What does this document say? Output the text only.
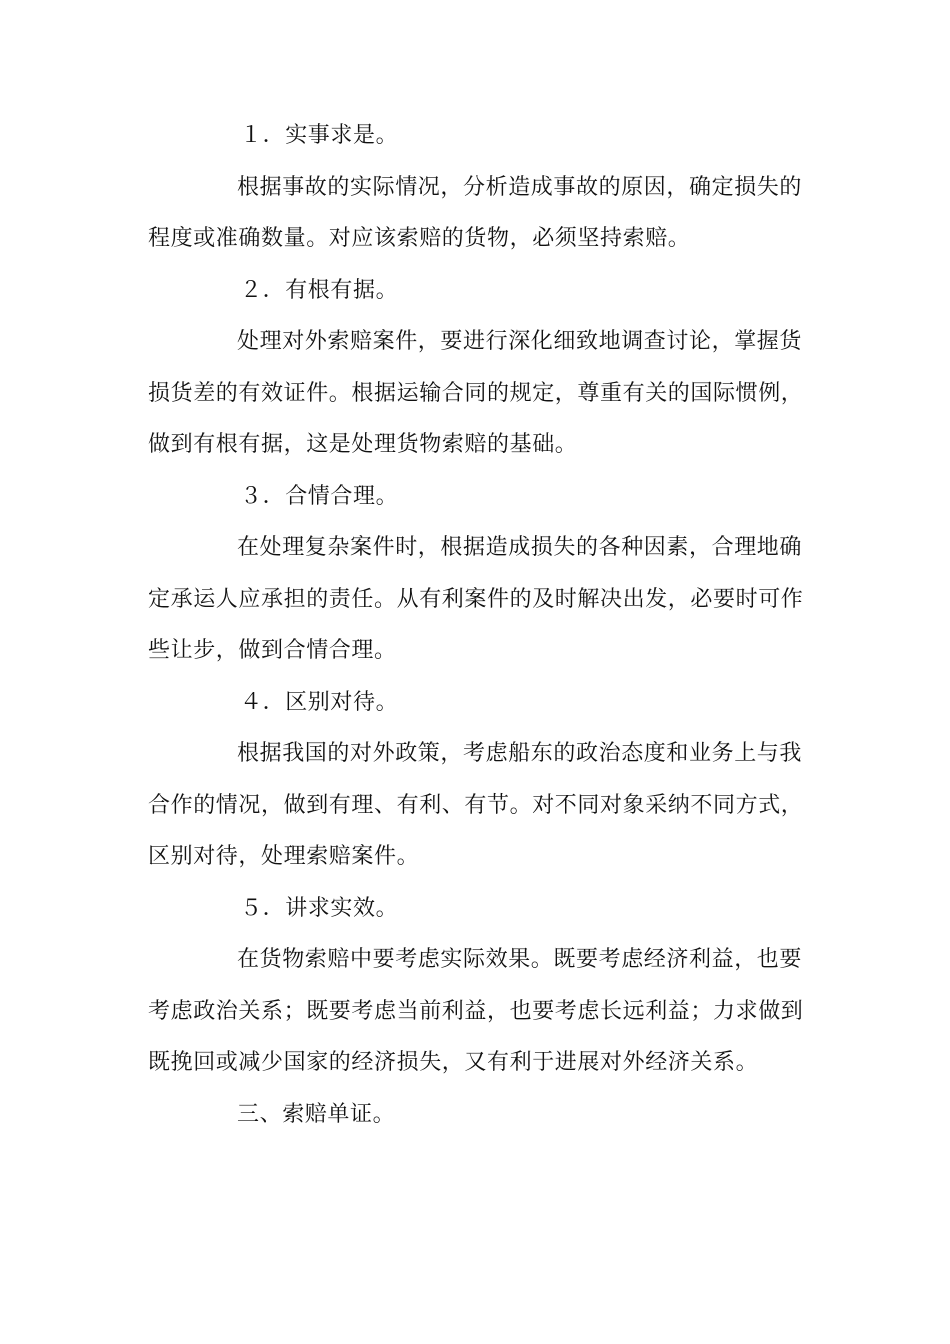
１．实事求是。
根据事故的实际情况，分析造成事故的原因，确定损失的
程度或准确数量。对应该索赔的货物，必须坚持索赔。
２．有根有据。
处理对外索赔案件，要进行深化细致地调查讨论，掌握货
损货差的有效证件。根据运输合同的规定，尊重有关的国际惯例，
做到有根有据，这是处理货物索赔的基础。
３．合情合理。
在处理复杂案件时，根据造成损失的各种因素，合理地确
定承运人应承担的责任。从有利案件的及时解决出发，必要时可作
些让步，做到合情合理。
４．区别对待。
根据我国的对外政策，考虑船东的政治态度和业务上与我
合作的情况，做到有理、有利、有节。对不同对象采纳不同方式，
区别对待，处理索赔案件。
５．讲求实效。
在货物索赔中要考虑实际效果。既要考虑经济利益，也要
考虑政治关系；既要考虑当前利益，也要考虑长远利益；力求做到
既挽回或减少国家的经济损失，又有利于进展对外经济关系。
三、索赔单证。
